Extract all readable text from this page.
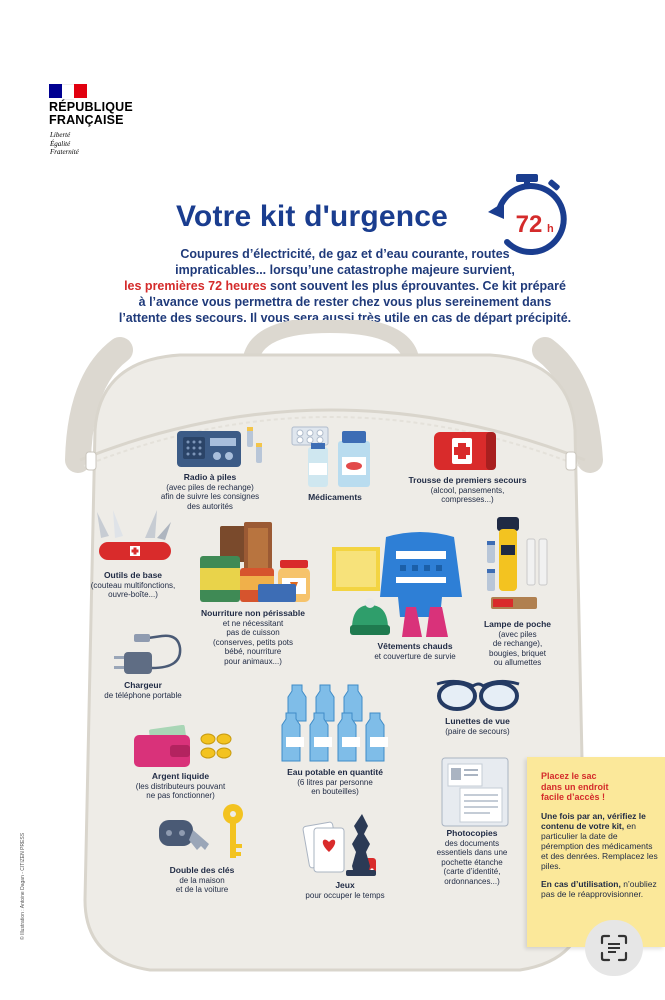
RÉPUBLIQUE
FRANÇAISE
Liberté
Égalité
Fraternité
Votre kit d'urgence	72 h
Coupures d’électricité, de gaz et d’eau courante, routes
impraticables... lorsqu’une catastrophe majeure survient,
les premières 72 heures sont souvent les plus éprouvantes. Ce kit préparé
à l’avance vous permettra de rester chez vous plus sereinement dans
l’attente des secours. Il vous sera aussi très utile en cas de départ précipité.
Radio à piles
(avec piles de rechange)
afin de suivre les consignes
des autorités
Médicaments
Trousse de premiers secours
(alcool, pansements,
compresses...)
Outils de base
(couteau multifonctions,
ouvre-boîte...)
Nourriture non périssable
et ne nécessitant
pas de cuisson
(conserves, petits pots
bébé, nourriture
pour animaux...)
Vêtements chauds
et couverture de survie
Lampe de poche
(avec piles
de rechange),
bougies, briquet
ou allumettes
Chargeur
de téléphone portable
Lunettes de vue
(paire de secours)
Eau potable en quantité
(6 litres par personne
en bouteilles)
Argent liquide
(les distributeurs pouvant
ne pas fonctionner)
Photocopies
des documents
essentiels dans une
pochette étanche
(carte d’identité,
ordonnances...)
Double des clés
de la maison
et de la voiture	Jeux
pour occuper le temps
Placez le sac
dans un endroit
facile d’accès !

Une fois par an, vérifiez le contenu de votre kit, en particulier la date de péremption des médicaments et des denrées. Remplacez les piles.

En cas d’utilisation, n’oubliez pas de le réapprovisionner.

© Illustration : Antoine Dagan - CITIZEN PRESS
